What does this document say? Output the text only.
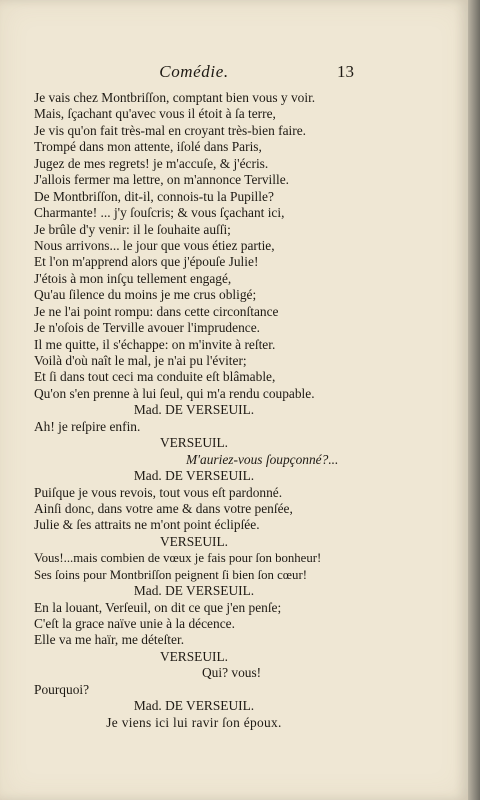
Comédie.	13
Je vais chez Montbriſſon, comptant bien vous y voir.
Mais, ſçachant qu'avec vous il étoit à ſa terre,
Je vis qu'on fait très-mal en croyant très-bien faire.
Trompé dans mon attente, iſolé dans Paris,
Jugez de mes regrets! je m'accuſe, & j'écris.
J'allois fermer ma lettre, on m'annonce Terville.
De Montbriſſon, dit-il, connois-tu la Pupille?
Charmante! ... j'y ſouſcris; & vous ſçachant ici,
Je brûle d'y venir: il le ſouhaite auſſi;
Nous arrivons... le jour que vous étiez partie,
Et l'on m'apprend alors que j'épouſe Julie!
J'étois à mon inſçu tellement engagé,
Qu'au ſilence du moins je me crus obligé;
Je ne l'ai point rompu: dans cette circonſtance
Je n'oſois de Terville avouer l'imprudence.
Il me quitte, il s'échappe: on m'invite à reſter.
Voilà d'où naît le mal, je n'ai pu l'éviter;
Et ſi dans tout ceci ma conduite eſt blâmable,
Qu'on s'en prenne à lui ſeul, qui m'a rendu coupable.
Mad. DE VERSEUIL.
Ah! je reſpire enfin.
VERSEUIL.
M'auriez-vous ſoupçonné?...
Mad. DE VERSEUIL.
Puiſque je vous revois, tout vous eſt pardonné.
Ainſi donc, dans votre ame & dans votre penſée,
Julie & ſes attraits ne m'ont point éclipſée.
VERSEUIL.
Vous!...mais combien de vœux je fais pour ſon bonheur!
Ses ſoins pour Montbriſſon peignent ſi bien ſon cœur!
Mad. DE VERSEUIL.
En la louant, Verſeuil, on dit ce que j'en penſe;
C'eſt la grace naïve unie à la décence.
Elle va me haïr, me déteſter.
VERSEUIL.
Qui? vous!
Pourquoi?
Mad. DE VERSEUIL.
Je viens ici lui ravir ſon époux.
